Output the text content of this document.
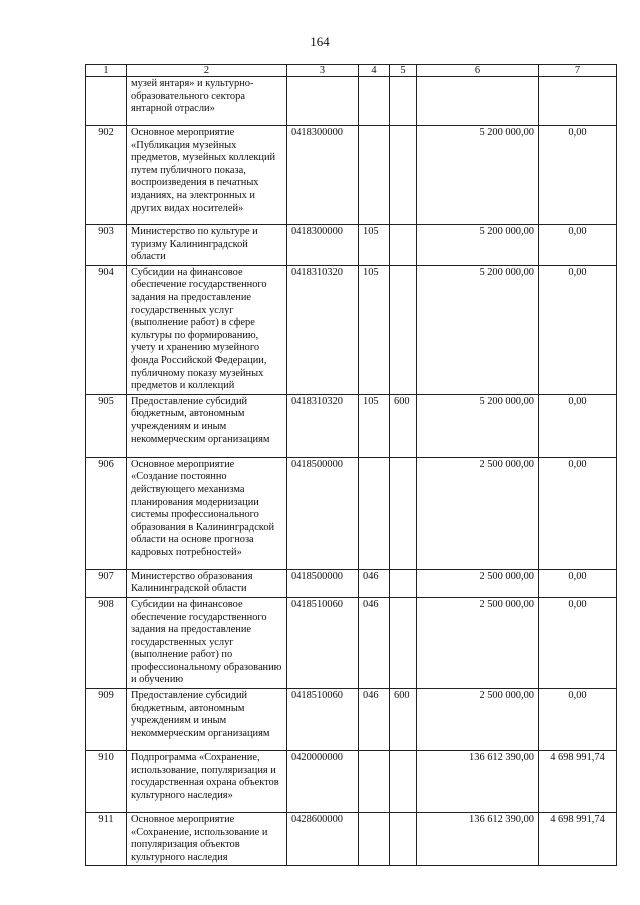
164
1	2	3	4	5	6	7
	музей янтаря» и культурно-образовательного сектора янтарной отрасли»					
902	Основное мероприятие «Публикация музейных предметов, музейных коллекций путем публичного показа, воспроизведения в печатных изданиях, на электронных и других видах носителей»	0418300000			5 200 000,00	0,00
903	Министерство по культуре и туризму Калининградской области	0418300000	105		5 200 000,00	0,00
904	Субсидии на финансовое обеспечение государственного задания на предоставление государственных услуг (выполнение работ) в сфере культуры по формированию, учету и хранению музейного фонда Российской Федерации, публичному показу музейных предметов и коллекций	0418310320	105		5 200 000,00	0,00
905	Предоставление субсидий бюджетным, автономным учреждениям и иным некоммерческим организациям	0418310320	105	600	5 200 000,00	0,00
906	Основное мероприятие «Создание постоянно действующего механизма планирования модернизации системы профессионального образования в Калининградской области на основе прогноза кадровых потребностей»	0418500000			2 500 000,00	0,00
907	Министерство образования Калининградской области	0418500000	046		2 500 000,00	0,00
908	Субсидии на финансовое обеспечение государственного задания на предоставление государственных услуг (выполнение работ) по профессиональному образованию и обучению	0418510060	046		2 500 000,00	0,00
909	Предоставление субсидий бюджетным, автономным учреждениям и иным некоммерческим организациям	0418510060	046	600	2 500 000,00	0,00
910	Подпрограмма «Сохранение, использование, популяризация и государственная охрана объектов культурного наследия»	0420000000			136 612 390,00	4 698 991,74
911	Основное мероприятие «Сохранение, использование и популяризация объектов культурного наследия	0428600000			136 612 390,00	4 698 991,74
